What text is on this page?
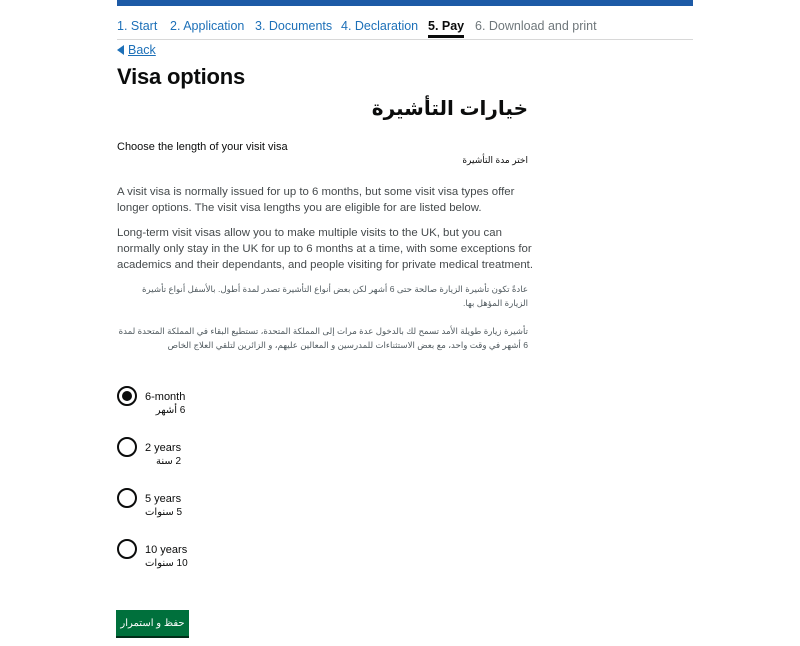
1. Start 2. Application 3. Documents 4. Declaration 5. Pay 6. Download and print
Back
Visa options
خيارات التأشيرة
Choose the length of your visit visa
اختر مدة التأشيرة

A visit visa is normally issued for up to 6 months, but some visit visa types offer longer options. The visit visa lengths you are eligible for are listed below.

Long-term visit visas allow you to make multiple visits to the UK, but you can normally only stay in the UK for up to 6 months at a time, with some exceptions for academics and their dependants, and people visiting for private medical treatment.

عادةً تكون تأشيرة الزيارة صالحة حتى 6 أشهر لكن بعض أنواع التأشيرة تصدر لمدة أطول. بالأسفل أنواع تأشيرة الزيارة المؤهل بها.

تأشيرة زيارة طويلة الأمد تسمح لك بالدخول عدة مرات إلى المملكة المتحدة، تستطيع البقاء في المملكة المتحدة لمدة 6 أشهر في وقت واحد، مع بعض الاستثناءات للمدرسين و المعالين عليهم، و الزائرين لتلقي العلاج الخاص

6-month
6 أشهر
2 years
2 سنة
5 years
5 سنوات
10 years
10 سنوات
حفظ و استمرار
